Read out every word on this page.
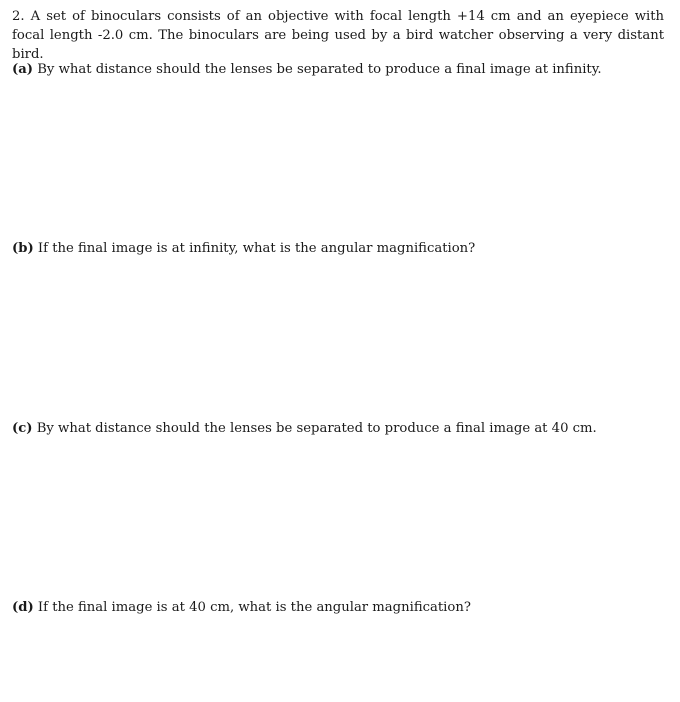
2. A set of binoculars consists of an objective with focal length +14 cm and an eyepiece with focal length -2.0 cm. The binoculars are being used by a bird watcher observing a very distant bird.
(a) By what distance should the lenses be separated to produce a final image at infinity.
(b) If the final image is at infinity, what is the angular magnification?
(c) By what distance should the lenses be separated to produce a final image at 40 cm.
(d) If the final image is at 40 cm, what is the angular magnification?
